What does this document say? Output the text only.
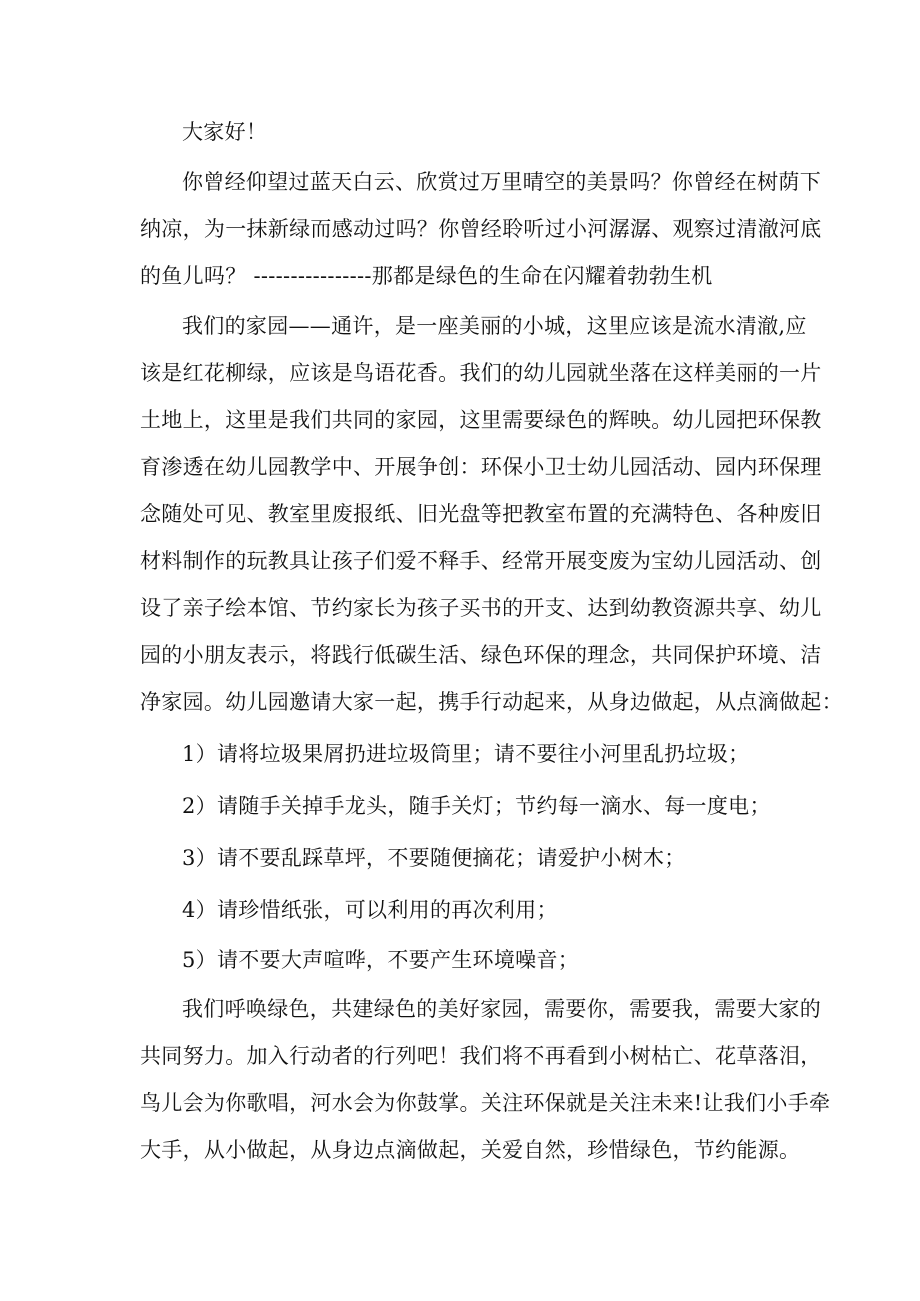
大家好！
你曾经仰望过蓝天白云、欣赏过万里晴空的美景吗？你曾经在树荫下
纳凉，为一抹新绿而感动过吗？你曾经聆听过小河潺潺、观察过清澈河底
的鱼儿吗？ ----------------那都是绿色的生命在闪耀着勃勃生机
我们的家园——通许，是一座美丽的小城，这里应该是流水清澈,应
该是红花柳绿，应该是鸟语花香。我们的幼儿园就坐落在这样美丽的一片
土地上，这里是我们共同的家园，这里需要绿色的辉映。幼儿园把环保教
育渗透在幼儿园教学中、开展争创：环保小卫士幼儿园活动、园内环保理
念随处可见、教室里废报纸、旧光盘等把教室布置的充满特色、各种废旧
材料制作的玩教具让孩子们爱不释手、经常开展变废为宝幼儿园活动、创
设了亲子绘本馆、节约家长为孩子买书的开支、达到幼教资源共享、幼儿
园的小朋友表示，将践行低碳生活、绿色环保的理念，共同保护环境、洁
净家园。幼儿园邀请大家一起，携手行动起来，从身边做起，从点滴做起：
1）请将垃圾果屑扔进垃圾筒里；请不要往小河里乱扔垃圾；
2）请随手关掉手龙头，随手关灯；节约每一滴水、每一度电；
3）请不要乱踩草坪，不要随便摘花；请爱护小树木；
4）请珍惜纸张，可以利用的再次利用；
5）请不要大声喧哗，不要产生环境噪音；
我们呼唤绿色，共建绿色的美好家园，需要你，需要我，需要大家的
共同努力。加入行动者的行列吧！我们将不再看到小树枯亡、花草落泪，
鸟儿会为你歌唱，河水会为你鼓掌。关注环保就是关注未来!让我们小手牵
大手，从小做起，从身边点滴做起，关爱自然，珍惜绿色，节约能源。
